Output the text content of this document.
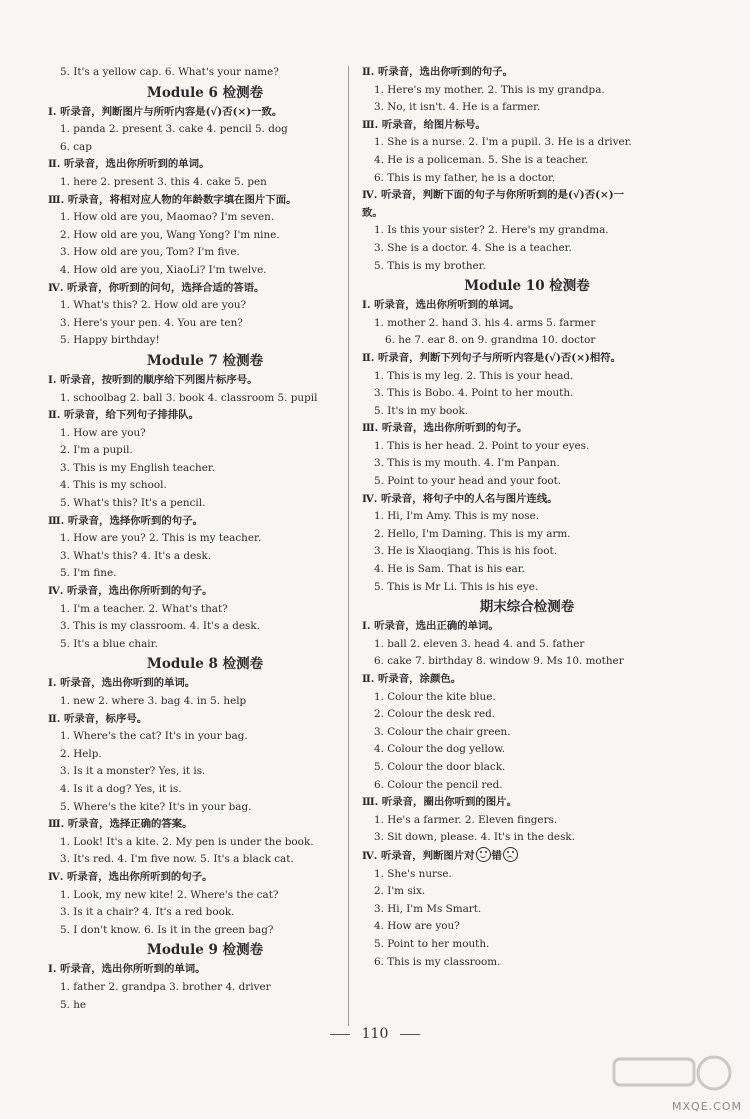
5. It's a yellow cap. 6. What's your name?
Module 6 检测卷
Ⅰ. 听录音，判断图片与所听内容是(√)否(×)一致。
1. panda 2. present 3. cake 4. pencil 5. dog
6. cap
Ⅱ. 听录音，选出你所听到的单词。
1. here 2. present 3. this 4. cake 5. pen
Ⅲ. 听录音，将相对应人物的年龄数字填在图片下面。
1. How old are you, Maomao? I'm seven.
2. How old are you, Wang Yong? I'm nine.
3. How old are you, Tom? I'm five.
4. How old are you, XiaoLi? I'm twelve.
Ⅳ. 听录音，你听到的问句，选择合适的答语。
1. What's this? 2. How old are you?
3. Here's your pen. 4. You are ten?
5. Happy birthday!
Module 7 检测卷
Ⅰ. 听录音，按听到的顺序给下列图片标序号。
1. schoolbag 2. ball 3. book 4. classroom 5. pupil
Ⅱ. 听录音，给下列句子排排队。
1. How are you?
2. I'm a pupil.
3. This is my English teacher.
4. This is my school.
5. What's this? It's a pencil.
Ⅲ. 听录音，选择你听到的句子。
1. How are you? 2. This is my teacher.
3. What's this? 4. It's a desk.
5. I'm fine.
Ⅳ. 听录音，选出你所听到的句子。
1. I'm a teacher. 2. What's that?
3. This is my classroom. 4. It's a desk.
5. It's a blue chair.
Module 8 检测卷
Ⅰ. 听录音，选出你听到的单词。
1. new 2. where 3. bag 4. in 5. help
Ⅱ. 听录音，标序号。
1. Where's the cat? It's in your bag.
2. Help.
3. Is it a monster? Yes, it is.
4. Is it a dog? Yes, it is.
5. Where's the kite? It's in your bag.
Ⅲ. 听录音，选择正确的答案。
1. Look! It's a kite. 2. My pen is under the book.
3. It's red. 4. I'm five now. 5. It's a black cat.
Ⅳ. 听录音，选出你所听到的句子。
1. Look, my new kite! 2. Where's the cat?
3. Is it a chair? 4. It's a red book.
5. I don't know. 6. Is it in the green bag?
Module 9 检测卷
Ⅰ. 听录音，选出你所听到的单词。
1. father 2. grandpa 3. brother 4. driver
5. he
Ⅱ. 听录音，选出你听到的句子。
1. Here's my mother. 2. This is my grandpa.
3. No, it isn't. 4. He is a farmer.
Ⅲ. 听录音，给图片标号。
1. She is a nurse. 2. I'm a pupil. 3. He is a driver.
4. He is a policeman. 5. She is a teacher.
6. This is my father, he is a doctor.
Ⅳ. 听录音，判断下面的句子与你所听到的是(√)否(×)一
致。
1. Is this your sister? 2. Here's my grandma.
3. She is a doctor. 4. She is a teacher.
5. This is my brother.
Module 10 检测卷
Ⅰ. 听录音，选出你所听到的单词。
1. mother 2. hand 3. his 4. arms 5. farmer
6. he 7. ear 8. on 9. grandma 10. doctor
Ⅱ. 听录音，判断下列句子与所听内容是(√)否(×)相符。
1. This is my leg. 2. This is your head.
3. This is Bobo. 4. Point to her mouth.
5. It's in my book.
Ⅲ. 听录音，选出你所听到的句子。
1. This is her head. 2. Point to your eyes.
3. This is my mouth. 4. I'm Panpan.
5. Point to your head and your foot.
Ⅳ. 听录音，将句子中的人名与图片连线。
1. Hi, I'm Amy. This is my nose.
2. Hello, I'm Daming. This is my arm.
3. He is Xiaoqiang. This is his foot.
4. He is Sam. That is his ear.
5. This is Mr Li. This is his eye.
期末综合检测卷
Ⅰ. 听录音，选出正确的单词。
1. ball 2. eleven 3. head 4. and 5. father
6. cake 7. birthday 8. window 9. Ms 10. mother
Ⅱ. 听录音，涂颜色。
1. Colour the kite blue.
2. Colour the desk red.
3. Colour the chair green.
4. Colour the dog yellow.
5. Colour the door black.
6. Colour the pencil red.
Ⅲ. 听录音，圈出你听到的图片。
1. He's a farmer. 2. Eleven fingers.
3. Sit down, please. 4. It's in the desk.
Ⅳ. 听录音，判断图片对 错
1. She's nurse.
2. I'm six.
3. Hi, I'm Ms Smart.
4. How are you?
5. Point to her mouth.
6. This is my classroom.
110
MXQE.COM
